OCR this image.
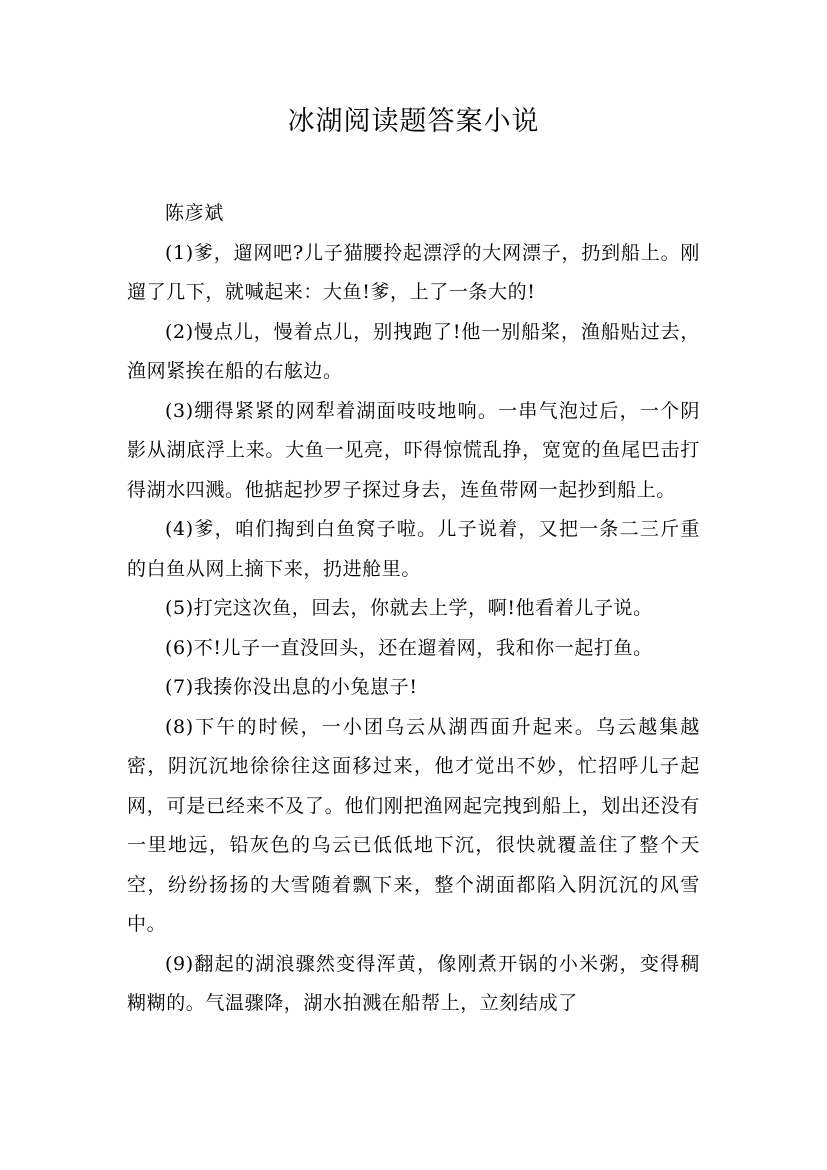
冰湖阅读题答案小说

陈彦斌

(1)爹，遛网吧?儿子猫腰拎起漂浮的大网漂子，扔到船上。刚遛了几下，就喊起来：大鱼!爹，上了一条大的!

(2)慢点儿，慢着点儿，别拽跑了!他一别船桨，渔船贴过去，渔网紧挨在船的右舷边。

(3)绷得紧紧的网犁着湖面吱吱地响。一串气泡过后，一个阴影从湖底浮上来。大鱼一见亮，吓得惊慌乱挣，宽宽的鱼尾巴击打得湖水四溅。他掂起抄罗子探过身去，连鱼带网一起抄到船上。

(4)爹，咱们掏到白鱼窝子啦。儿子说着，又把一条二三斤重的白鱼从网上摘下来，扔进舱里。

(5)打完这次鱼，回去，你就去上学，啊!他看着儿子说。

(6)不!儿子一直没回头，还在遛着网，我和你一起打鱼。

(7)我揍你没出息的小兔崽子!

(8)下午的时候，一小团乌云从湖西面升起来。乌云越集越密，阴沉沉地徐徐往这面移过来，他才觉出不妙，忙招呼儿子起网，可是已经来不及了。他们刚把渔网起完拽到船上，划出还没有一里地远，铅灰色的乌云已低低地下沉，很快就覆盖住了整个天空，纷纷扬扬的大雪随着飘下来，整个湖面都陷入阴沉沉的风雪中。

(9)翻起的湖浪骤然变得浑黄，像刚煮开锅的小米粥，变得稠糊糊的。气温骤降，湖水拍溅在船帮上，立刻结成了
